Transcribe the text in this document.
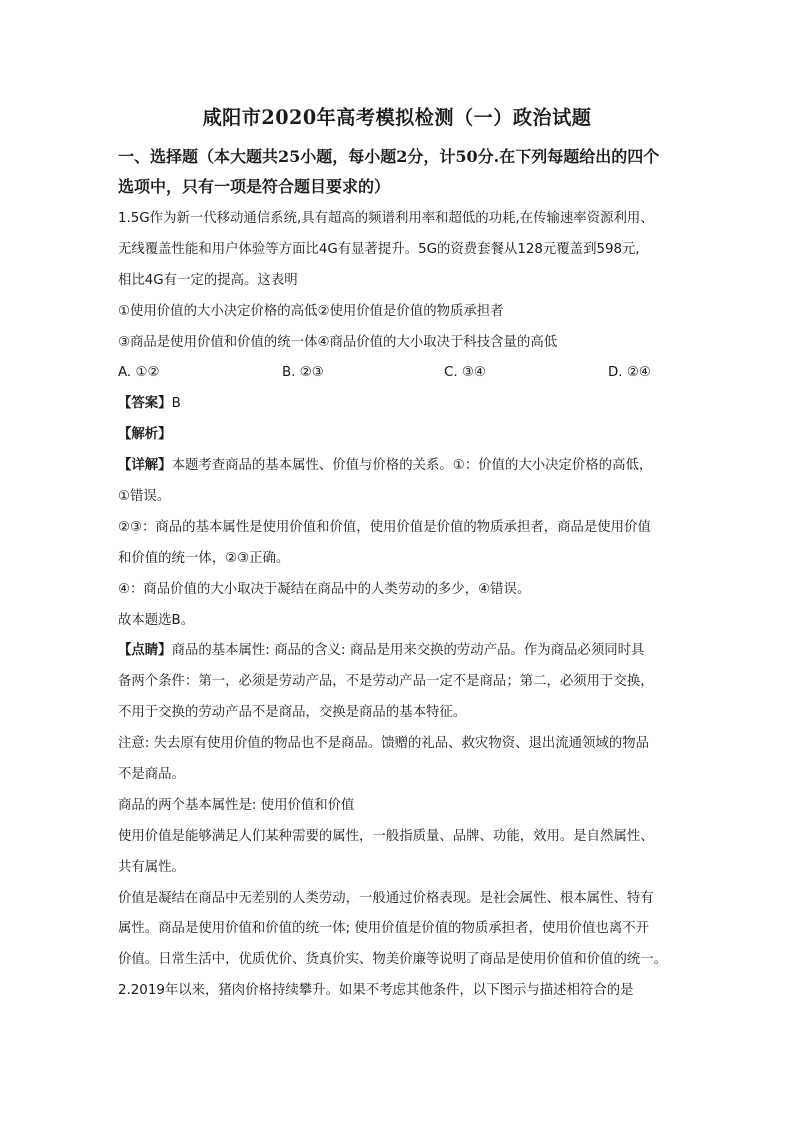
咸阳市2020年高考模拟检测（一）政治试题
一、选择题（本大题共25小题，每小题2分，计50分.在下列每题给出的四个
选项中，只有一项是符合题目要求的）
1.5G作为新一代移动通信系统,具有超高的频谱利用率和超低的功耗,在传输速率资源利用、
无线覆盖性能和用户体验等方面比4G有显著提升。5G的资费套餐从128元覆盖到598元,
相比4G有一定的提高。这表明
①使用价值的大小决定价格的高低②使用价值是价值的物质承担者
③商品是使用价值和价值的统一体④商品价值的大小取决于科技含量的高低
A. ①②	B. ②③	C. ③④	D. ②④
【答案】B
【解析】
【详解】本题考查商品的基本属性、价值与价格的关系。①：价值的大小决定价格的高低，
①错误。
②③：商品的基本属性是使用价值和价值，使用价值是价值的物质承担者，商品是使用价值
和价值的统一体，②③正确。
④：商品价值的大小取决于凝结在商品中的人类劳动的多少，④错误。
故本题选B。
【点睛】商品的基本属性: 商品的含义: 商品是用来交换的劳动产品。作为商品必须同时具
备两个条件：第一，必须是劳动产品，不是劳动产品一定不是商品；第二，必须用于交换，
不用于交换的劳动产品不是商品，交换是商品的基本特征。
注意: 失去原有使用价值的物品也不是商品。馈赠的礼品、救灾物资、退出流通领域的物品
不是商品。
商品的两个基本属性是: 使用价值和价值
使用价值是能够满足人们某种需要的属性，一般指质量、品牌、功能，效用。是自然属性、
共有属性。
价值是凝结在商品中无差别的人类劳动，一般通过价格表现。是社会属性、根本属性、特有
属性。商品是使用价值和价值的统一体; 使用价值是价值的物质承担者，使用价值也离不开
价值。日常生活中，优质优价、货真价实、物美价廉等说明了商品是使用价值和价值的统一。
2.2019年以来，猪肉价格持续攀升。如果不考虑其他条件，以下图示与描述相符合的是
